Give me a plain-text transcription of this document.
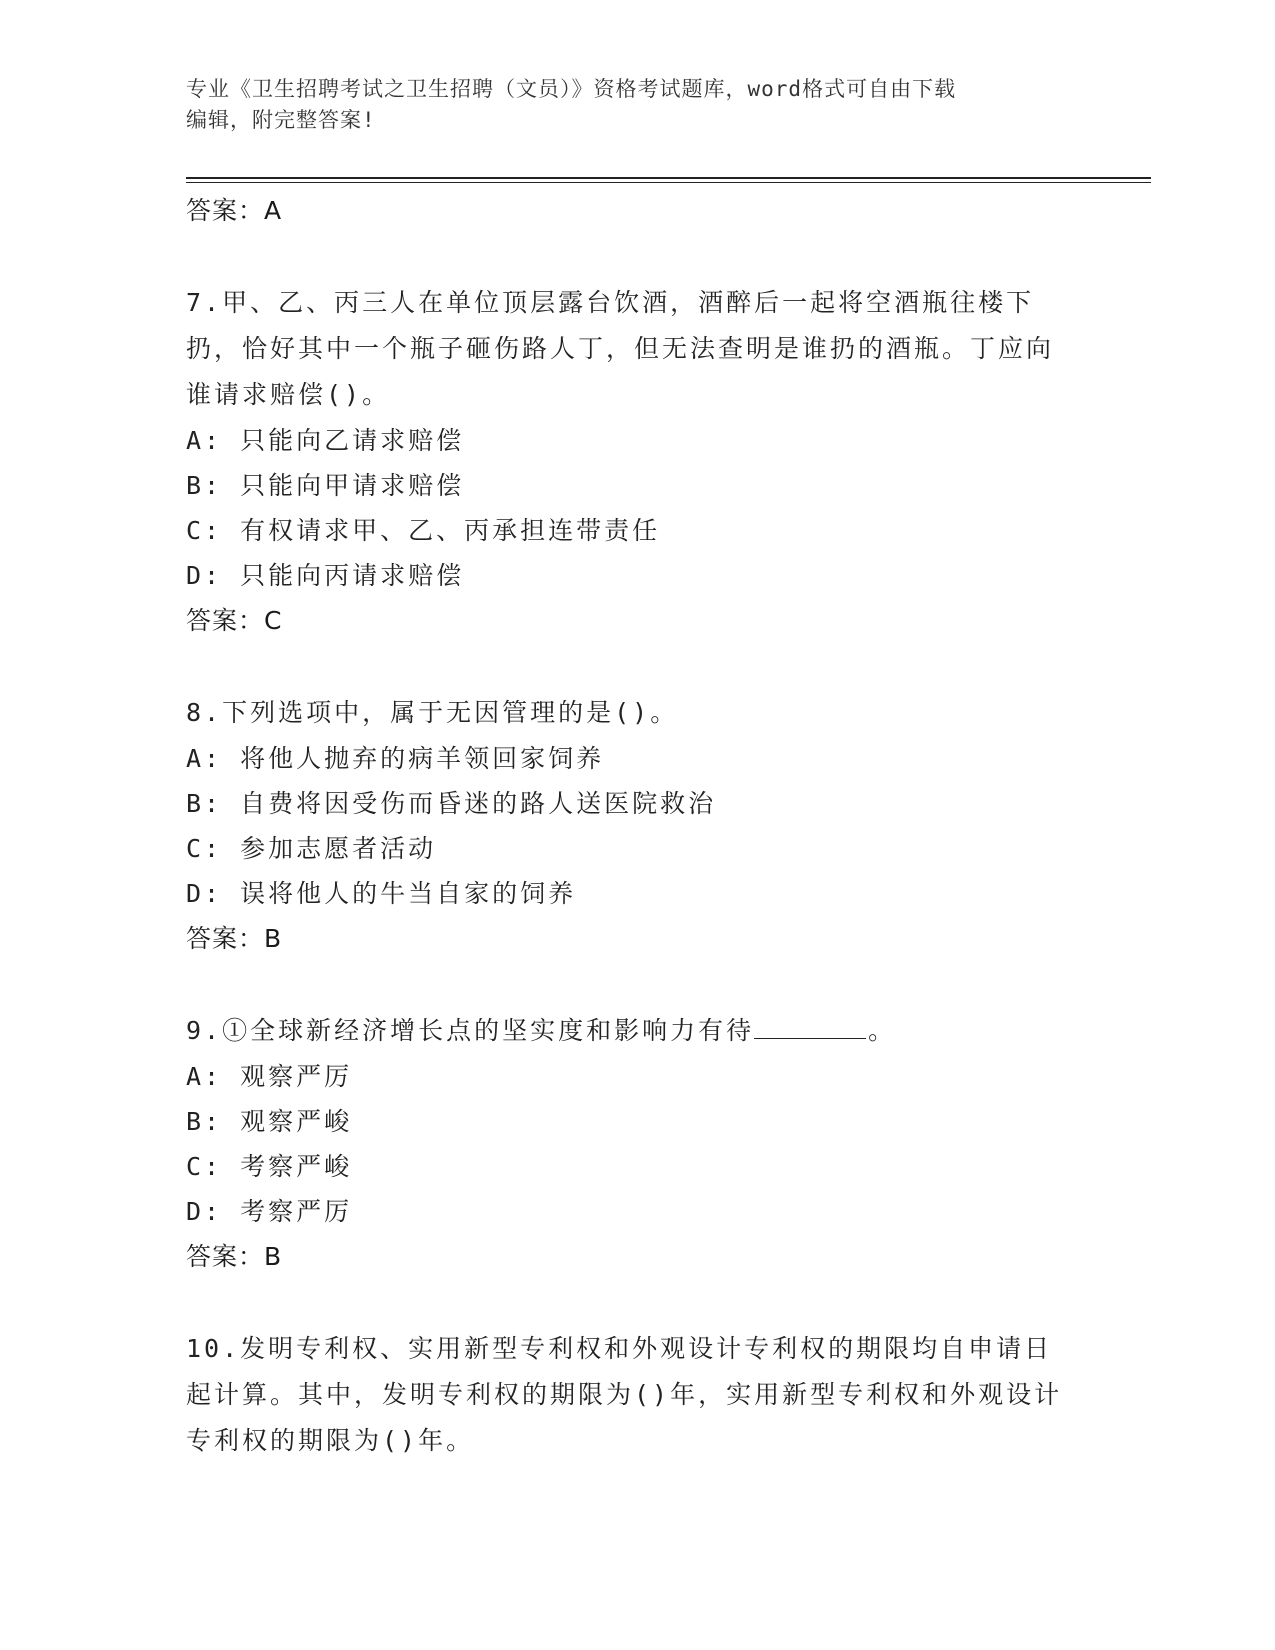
专业《卫生招聘考试之卫生招聘（文员）》资格考试题库，word格式可自由下载
编辑，附完整答案!
答案：A
7.甲、乙、丙三人在单位顶层露台饮酒，酒醉后一起将空酒瓶往楼下扔，恰好其中一个瓶子砸伤路人丁，但无法查明是谁扔的酒瓶。丁应向谁请求赔偿()。
A: 只能向乙请求赔偿
B: 只能向甲请求赔偿
C: 有权请求甲、乙、丙承担连带责任
D: 只能向丙请求赔偿
答案：C
8.下列选项中，属于无因管理的是()。
A: 将他人抛弃的病羊领回家饲养
B: 自费将因受伤而昏迷的路人送医院救治
C: 参加志愿者活动
D: 误将他人的牛当自家的饲养
答案：B
9.①全球新经济增长点的坚实度和影响力有待	。
A: 观察严厉
B: 观察严峻
C: 考察严峻
D: 考察严厉
答案：B
10.发明专利权、实用新型专利权和外观设计专利权的期限均自申请日起计算。其中，发明专利权的期限为()年，实用新型专利权和外观设计专利权的期限为()年。
